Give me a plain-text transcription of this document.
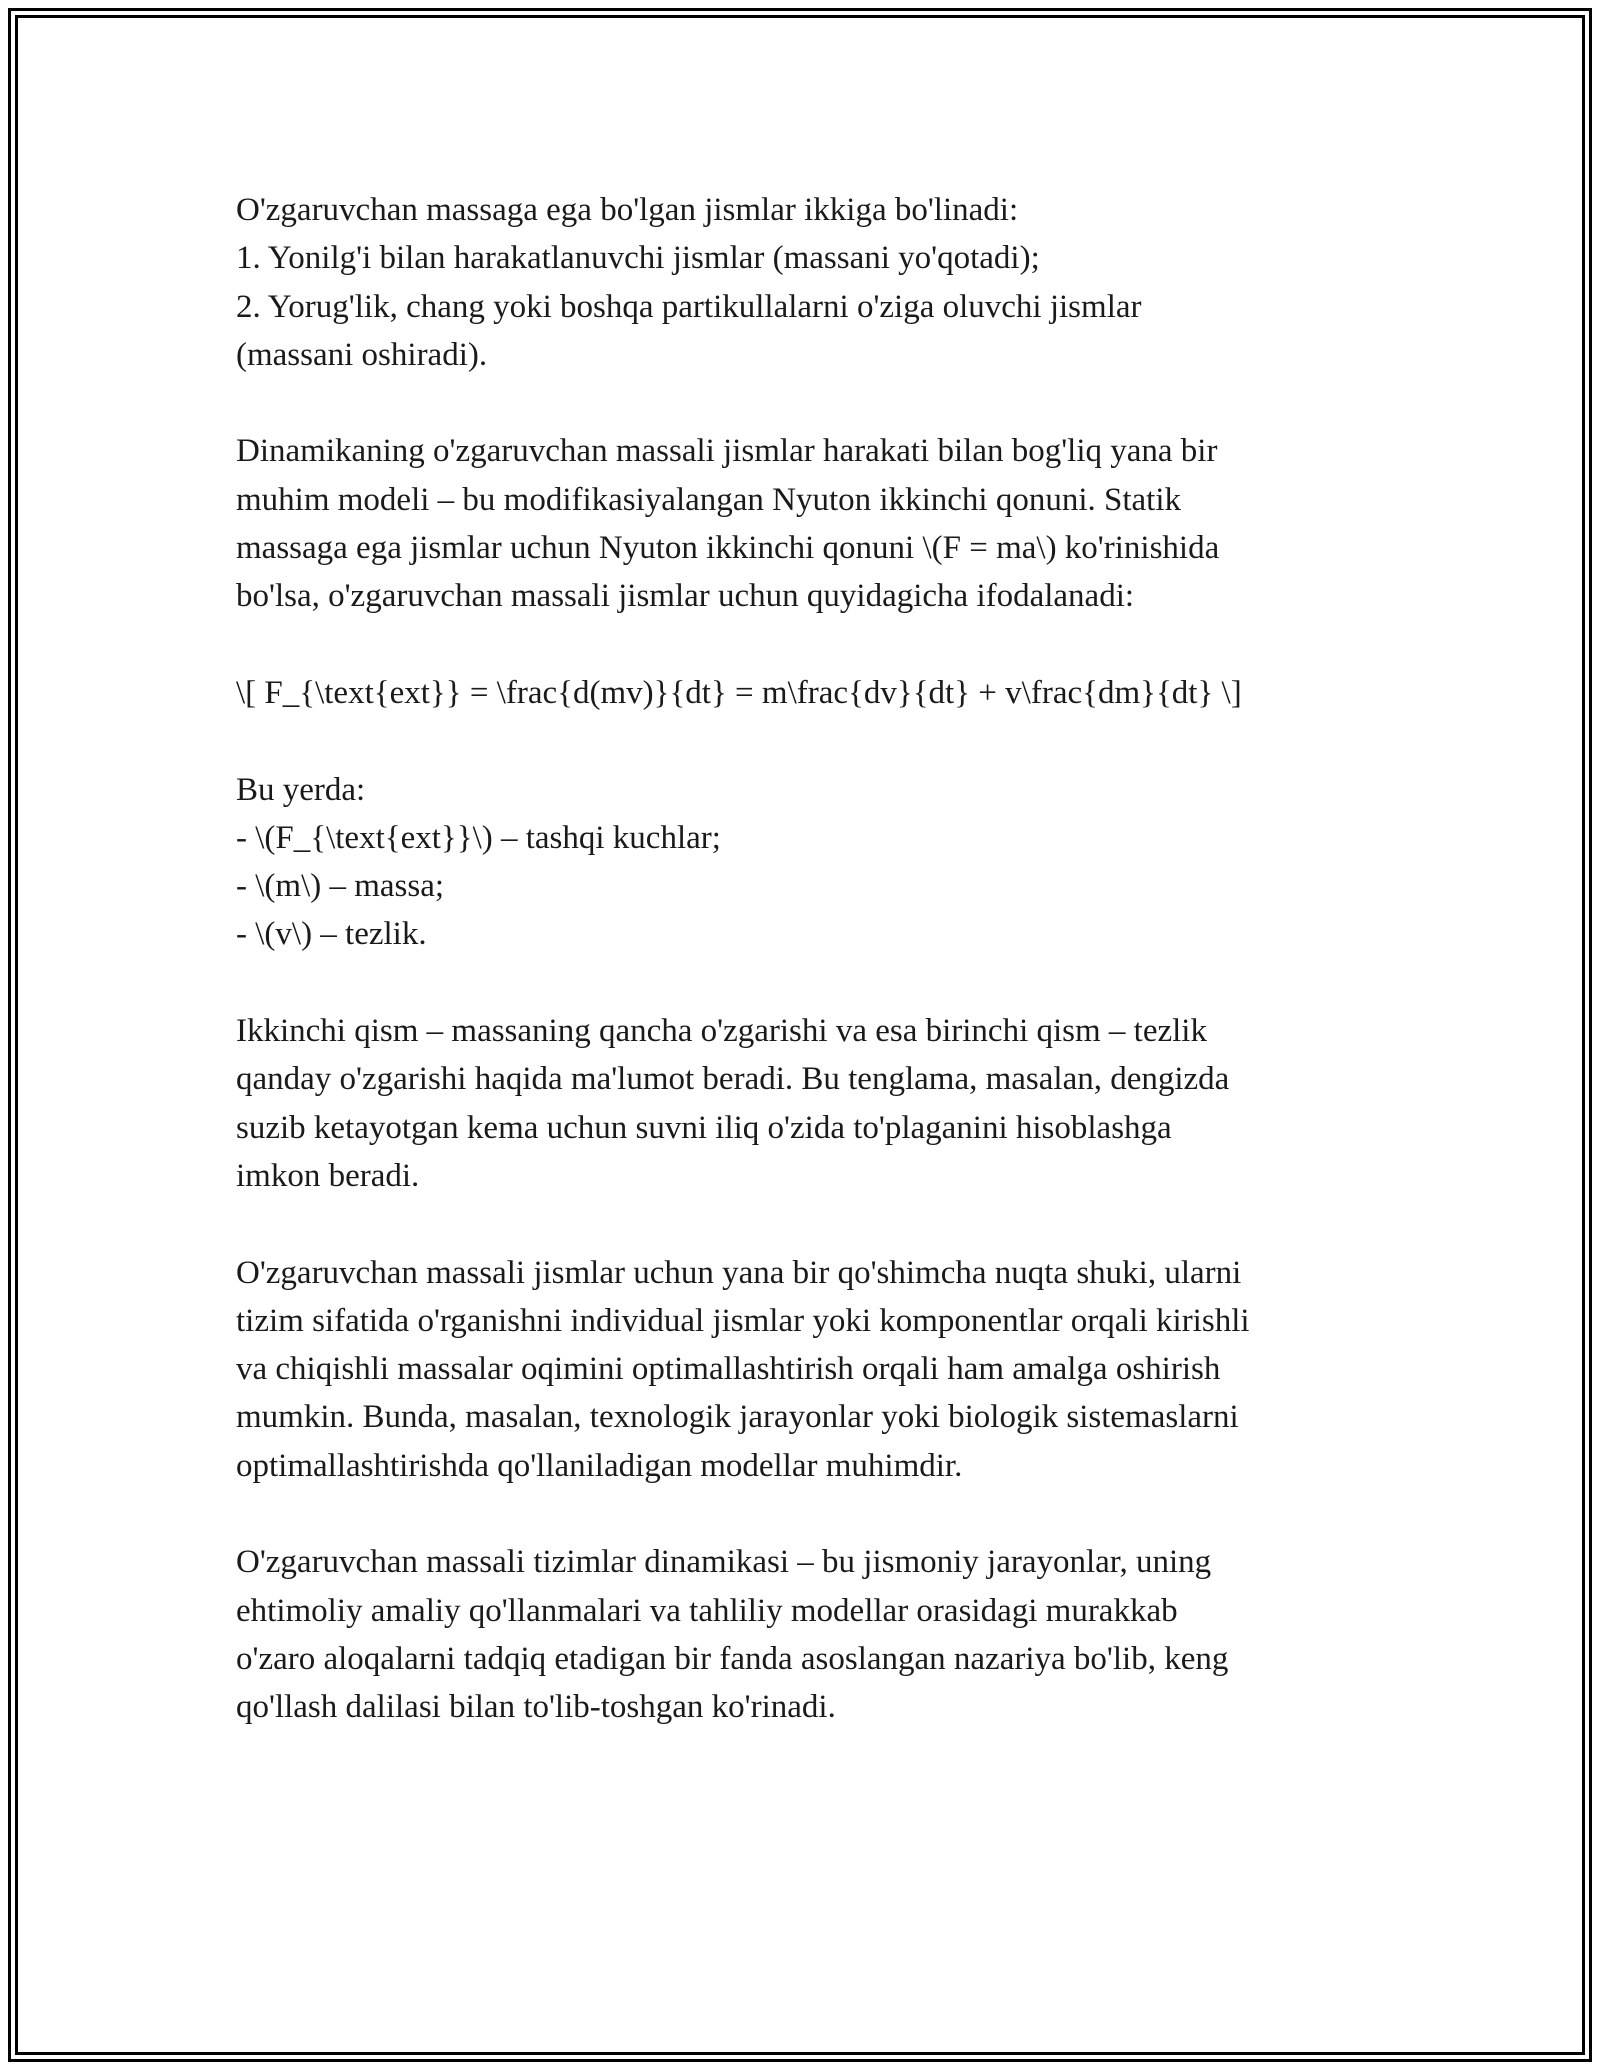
O'zgaruvchan massaga ega bo'lgan jismlar ikkiga bo'linadi:
1. Yonilg'i bilan harakatlanuvchi jismlar (massani yo'qotadi);
2. Yorug'lik, chang yoki boshqa partikullalarni o'ziga oluvchi jismlar
(massani oshiradi).
Dinamikaning o'zgaruvchan massali jismlar harakati bilan bog'liq yana bir
muhim modeli – bu modifikasiyalangan Nyuton ikkinchi qonuni. Statik
massaga ega jismlar uchun Nyuton ikkinchi qonuni \(F = ma\) ko'rinishida
bo'lsa, o'zgaruvchan massali jismlar uchun quyidagicha ifodalanadi:
\[ F_{\text{ext}} = \frac{d(mv)}{dt} = m\frac{dv}{dt} + v\frac{dm}{dt} \]
Bu yerda:
- \(F_{\text{ext}}\) – tashqi kuchlar;
- \(m\) – massa;
- \(v\) – tezlik.
Ikkinchi qism – massaning qancha o'zgarishi va esa birinchi qism – tezlik
qanday o'zgarishi haqida ma'lumot beradi. Bu tenglama, masalan, dengizda
suzib ketayotgan kema uchun suvni iliq o'zida to'plaganini hisoblashga
imkon beradi.
O'zgaruvchan massali jismlar uchun yana bir qo'shimcha nuqta shuki, ularni
tizim sifatida o'rganishni individual jismlar yoki komponentlar orqali kirishli
va chiqishli massalar oqimini optimallashtirish orqali ham amalga oshirish
mumkin. Bunda, masalan, texnologik jarayonlar yoki biologik sistemaslarni
optimallashtirishda qo'llaniladigan modellar muhimdir.
O'zgaruvchan massali tizimlar dinamikasi – bu jismoniy jarayonlar, uning
ehtimoliy amaliy qo'llanmalari va tahliliy modellar orasidagi murakkab
o'zaro aloqalarni tadqiq etadigan bir fanda asoslangan nazariya bo'lib, keng
qo'llash dalilasi bilan to'lib-toshgan ko'rinadi.
